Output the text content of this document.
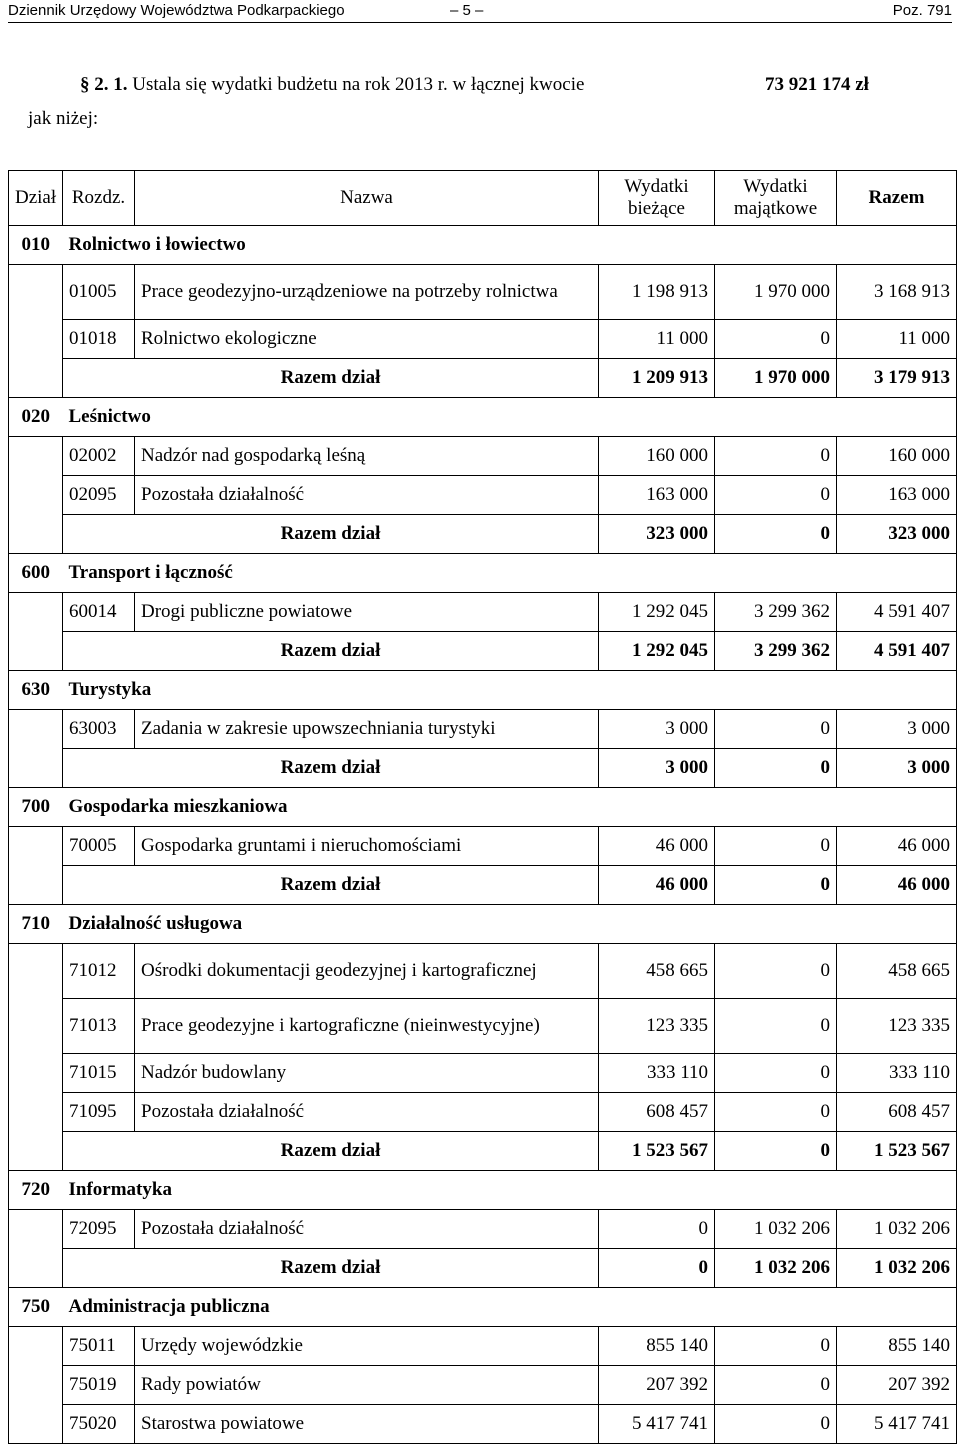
Dziennik Urzędowy Województwa Podkarpackiego	– 5 –	Poz. 791
§ 2. 1. Ustala się wydatki budżetu na rok 2013 r. w łącznej kwocie	73 921 174 zł
jak niżej:
Dział	Rozdz.	Nazwa	Wydatki bieżące	Wydatki majątkowe	Razem
010	Rolnictwo i łowiectwo				
	01005	Prace geodezyjno-urządzeniowe na potrzeby rolnictwa	1 198 913	1 970 000	3 168 913
	01018	Rolnictwo ekologiczne	11 000	0	11 000
	Razem dział		1 209 913	1 970 000	3 179 913
020	Leśnictwo				
	02002	Nadzór nad gospodarką leśną	160 000	0	160 000
	02095	Pozostała działalność	163 000	0	163 000
	Razem dział		323 000	0	323 000
600	Transport i łączność				
	60014	Drogi publiczne powiatowe	1 292 045	3 299 362	4 591 407
	Razem dział		1 292 045	3 299 362	4 591 407
630	Turystyka				
	63003	Zadania w zakresie upowszechniania turystyki	3 000	0	3 000
	Razem dział		3 000	0	3 000
700	Gospodarka mieszkaniowa				
	70005	Gospodarka gruntami i nieruchomościami	46 000	0	46 000
	Razem dział		46 000	0	46 000
710	Działalność usługowa				
	71012	Ośrodki dokumentacji geodezyjnej i kartograficznej	458 665	0	458 665
	71013	Prace geodezyjne i kartograficzne (nieinwestycyjne)	123 335	0	123 335
	71015	Nadzór budowlany	333 110	0	333 110
	71095	Pozostała działalność	608 457	0	608 457
	Razem dział		1 523 567	0	1 523 567
720	Informatyka				
	72095	Pozostała działalność	0	1 032 206	1 032 206
	Razem dział		0	1 032 206	1 032 206
750	Administracja publiczna				
	75011	Urzędy wojewódzkie	855 140	0	855 140
	75019	Rady powiatów	207 392	0	207 392
	75020	Starostwa powiatowe	5 417 741	0	5 417 741
